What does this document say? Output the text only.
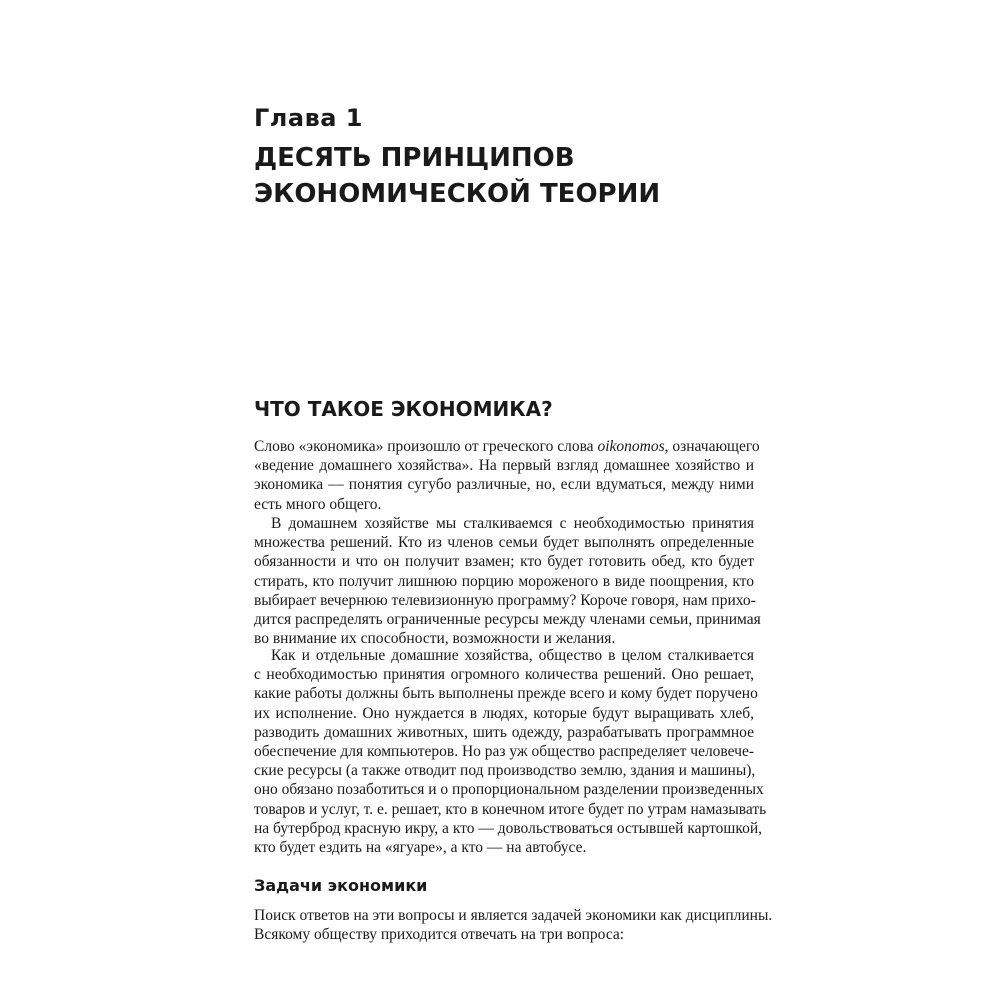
Глава 1
ДЕСЯТЬ ПРИНЦИПОВ
ЭКОНОМИЧЕСКОЙ ТЕОРИИ
ЧТО ТАКОЕ ЭКОНОМИКА?

Слово «экономика» произошло от греческого слова oikonomos, означающего
«ведение домашнего хозяйства». На первый взгляд домашнее хозяйство и
экономика — понятия сугубо различные, но, если вдуматься, между ними
есть много общего.

В домашнем хозяйстве мы сталкиваемся с необходимостью принятия
множества решений. Кто из членов семьи будет выполнять определенные
обязанности и что он получит взамен; кто будет готовить обед, кто будет
стирать, кто получит лишнюю порцию мороженого в виде поощрения, кто
выбирает вечернюю телевизионную программу? Короче говоря, нам прихо-
дится распределять ограниченные ресурсы между членами семьи, принимая
во внимание их способности, возможности и желания.

Как и отдельные домашние хозяйства, общество в целом сталкивается
с необходимостью принятия огромного количества решений. Оно решает,
какие работы должны быть выполнены прежде всего и кому будет поручено
их исполнение. Оно нуждается в людях, которые будут выращивать хлеб,
разводить домашних животных, шить одежду, разрабатывать программное
обеспечение для компьютеров. Но раз уж общество распределяет человече-
ские ресурсы (а также отводит под производство землю, здания и машины),
оно обязано позаботиться и о пропорциональном разделении произведенных
товаров и услуг, т. е. решает, кто в конечном итоге будет по утрам намазывать
на бутерброд красную икру, а кто — довольствоваться остывшей картошкой,
кто будет ездить на «ягуаре», а кто — на автобусе.

Задачи экономики

Поиск ответов на эти вопросы и является задачей экономики как дисциплины.
Всякому обществу приходится отвечать на три вопроса:
